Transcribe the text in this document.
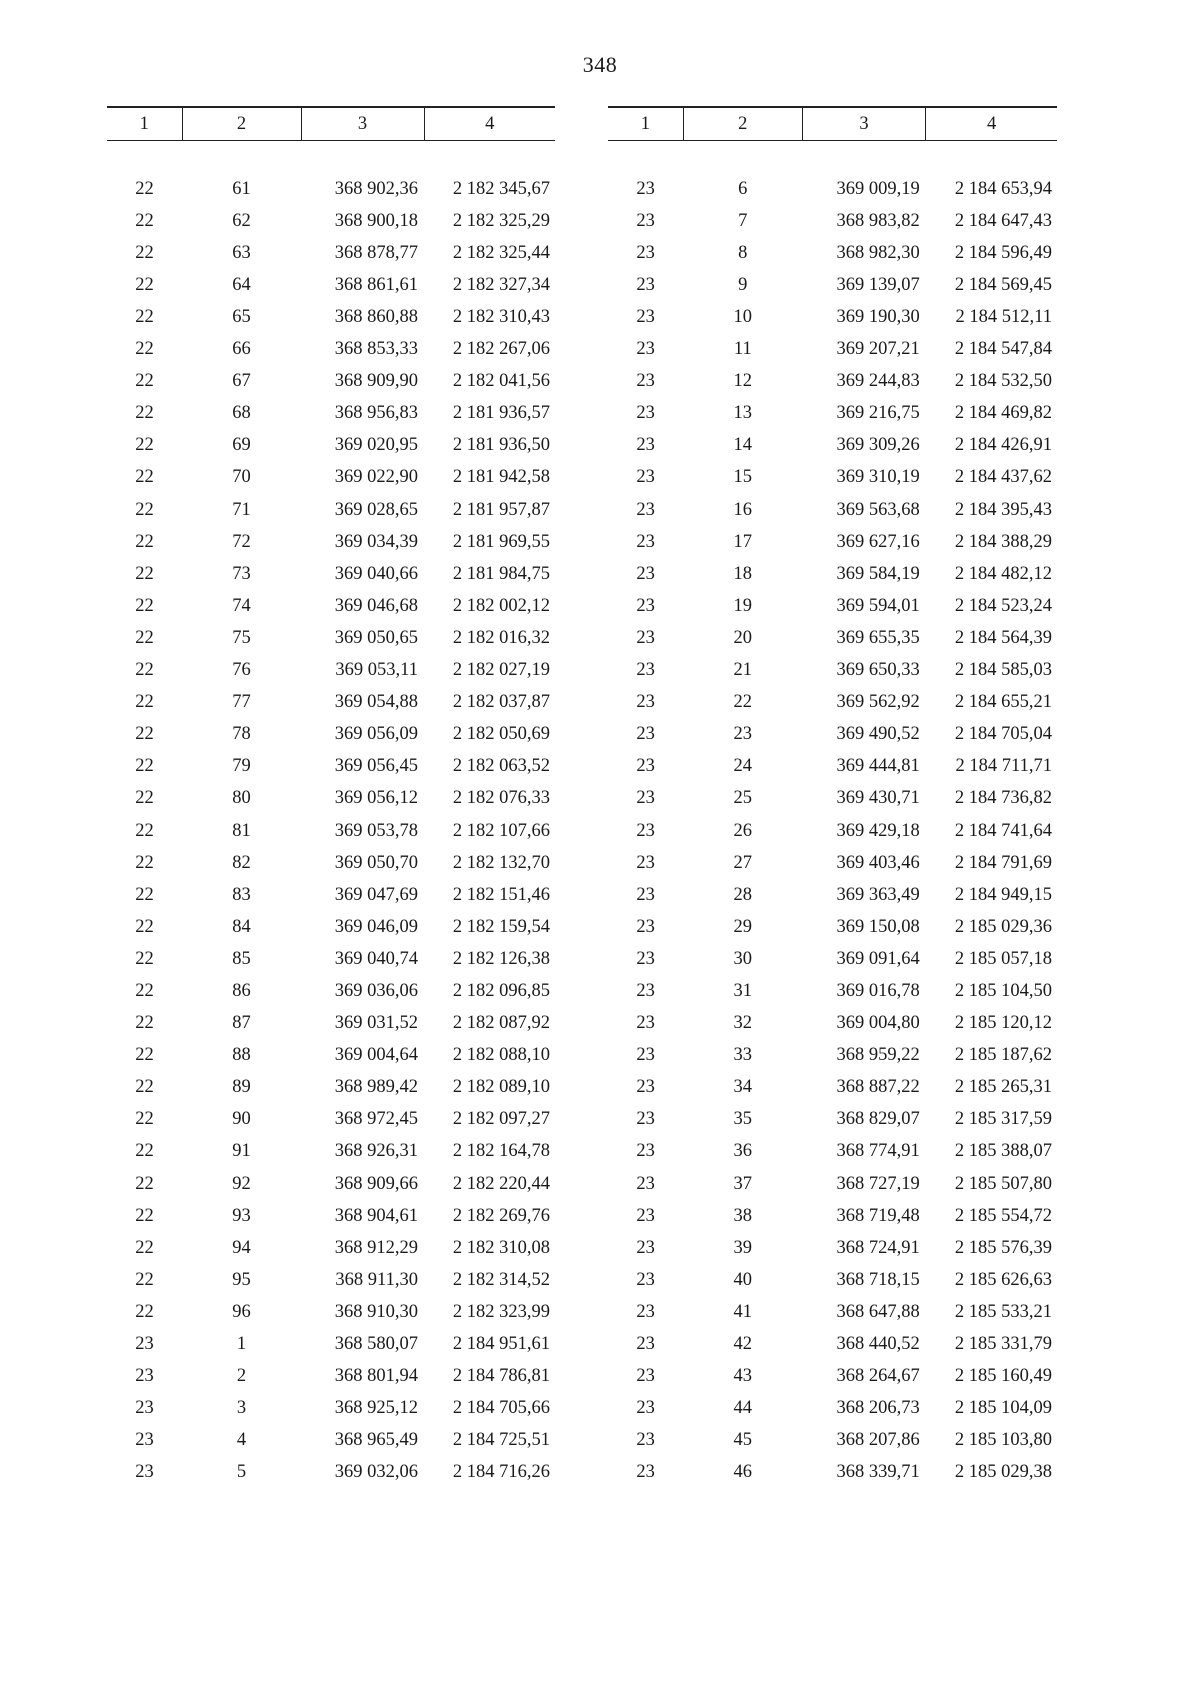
348
1	2	3	4

22	61	368 902,36	2 182 345,67
22	62	368 900,18	2 182 325,29
22	63	368 878,77	2 182 325,44
22	64	368 861,61	2 182 327,34
22	65	368 860,88	2 182 310,43
22	66	368 853,33	2 182 267,06
22	67	368 909,90	2 182 041,56
22	68	368 956,83	2 181 936,57
22	69	369 020,95	2 181 936,50
22	70	369 022,90	2 181 942,58
22	71	369 028,65	2 181 957,87
22	72	369 034,39	2 181 969,55
22	73	369 040,66	2 181 984,75
22	74	369 046,68	2 182 002,12
22	75	369 050,65	2 182 016,32
22	76	369 053,11	2 182 027,19
22	77	369 054,88	2 182 037,87
22	78	369 056,09	2 182 050,69
22	79	369 056,45	2 182 063,52
22	80	369 056,12	2 182 076,33
22	81	369 053,78	2 182 107,66
22	82	369 050,70	2 182 132,70
22	83	369 047,69	2 182 151,46
22	84	369 046,09	2 182 159,54
22	85	369 040,74	2 182 126,38
22	86	369 036,06	2 182 096,85
22	87	369 031,52	2 182 087,92
22	88	369 004,64	2 182 088,10
22	89	368 989,42	2 182 089,10
22	90	368 972,45	2 182 097,27
22	91	368 926,31	2 182 164,78
22	92	368 909,66	2 182 220,44
22	93	368 904,61	2 182 269,76
22	94	368 912,29	2 182 310,08
22	95	368 911,30	2 182 314,52
22	96	368 910,30	2 182 323,99
23	1	368 580,07	2 184 951,61
23	2	368 801,94	2 184 786,81
23	3	368 925,12	2 184 705,66
23	4	368 965,49	2 184 725,51
23	5	369 032,06	2 184 716,26
1	2	3	4

23	6	369 009,19	2 184 653,94
23	7	368 983,82	2 184 647,43
23	8	368 982,30	2 184 596,49
23	9	369 139,07	2 184 569,45
23	10	369 190,30	2 184 512,11
23	11	369 207,21	2 184 547,84
23	12	369 244,83	2 184 532,50
23	13	369 216,75	2 184 469,82
23	14	369 309,26	2 184 426,91
23	15	369 310,19	2 184 437,62
23	16	369 563,68	2 184 395,43
23	17	369 627,16	2 184 388,29
23	18	369 584,19	2 184 482,12
23	19	369 594,01	2 184 523,24
23	20	369 655,35	2 184 564,39
23	21	369 650,33	2 184 585,03
23	22	369 562,92	2 184 655,21
23	23	369 490,52	2 184 705,04
23	24	369 444,81	2 184 711,71
23	25	369 430,71	2 184 736,82
23	26	369 429,18	2 184 741,64
23	27	369 403,46	2 184 791,69
23	28	369 363,49	2 184 949,15
23	29	369 150,08	2 185 029,36
23	30	369 091,64	2 185 057,18
23	31	369 016,78	2 185 104,50
23	32	369 004,80	2 185 120,12
23	33	368 959,22	2 185 187,62
23	34	368 887,22	2 185 265,31
23	35	368 829,07	2 185 317,59
23	36	368 774,91	2 185 388,07
23	37	368 727,19	2 185 507,80
23	38	368 719,48	2 185 554,72
23	39	368 724,91	2 185 576,39
23	40	368 718,15	2 185 626,63
23	41	368 647,88	2 185 533,21
23	42	368 440,52	2 185 331,79
23	43	368 264,67	2 185 160,49
23	44	368 206,73	2 185 104,09
23	45	368 207,86	2 185 103,80
23	46	368 339,71	2 185 029,38
